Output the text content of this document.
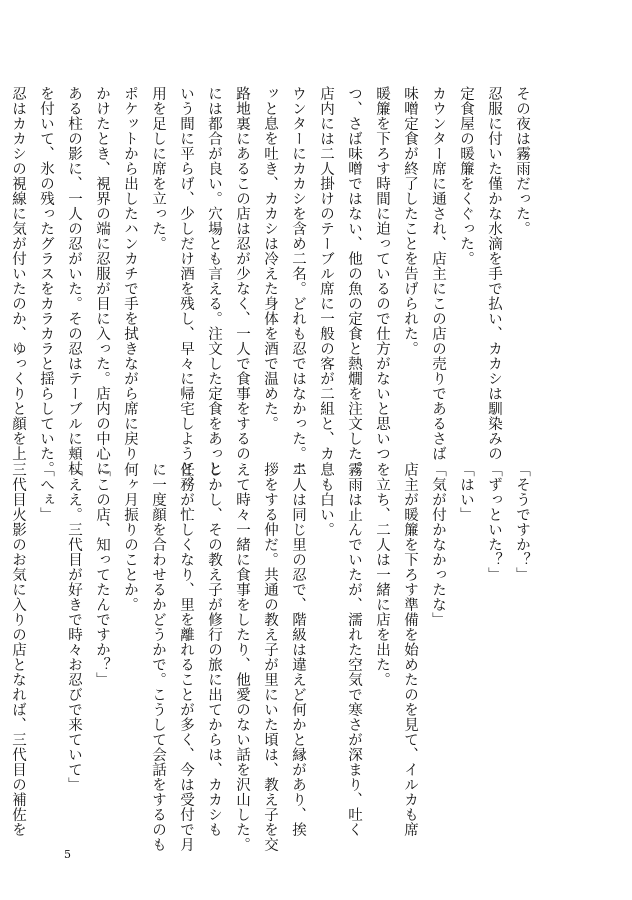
その夜は霧雨だった。

忍服に付いた僅かな水滴を手で払い、カカシは馴染みの

定食屋の暖簾をくぐった。

カウンター席に通され、店主にこの店の売りであるさば

味噌定食が終了したことを告げられた。

暖簾を下ろす時間に迫っているので仕方がないと思いつ

つ、さば味噌ではない、他の魚の定食と熱燗を注文した。

店内には二人掛けのテーブル席に一般の客が二組と、カ

ウンターにカカシを含め二名。どれも忍ではなかった。ホ

ッと息を吐き、カカシは冷えた身体を酒で温めた。

路地裏にあるこの店は忍が少なく、一人で食事をするの

には都合が良い。穴場とも言える。注文した定食をあっと

いう間に平らげ、少しだけ酒を残し、早々に帰宅しようと、

用を足しに席を立った。

ポケットから出したハンカチで手を拭きながら席に戻り

かけたとき、視界の端に忍服が目に入った。店内の中心に

ある柱の影に、一人の忍がいた。その忍はテーブルに頬杖

を付いて、氷の残ったグラスをカラカラと揺らしていた。

忍はカカシの視線に気が付いたのか、ゆっくりと顔を上

「そうですか？」

「ずっといた？」

「はい」

「気が付かなかったな」

店主が暖簾を下ろす準備を始めたのを見て、イルカも席

を立ち、二人は一緒に店を出た。

霧雨は止んでいたが、濡れた空気で寒さが深まり、吐く

息も白い。

二人は同じ里の忍で、階級は違えど何かと縁があり、挨

拶をする仲だ。共通の教え子が里にいた頃は、教え子を交

えて時々一緒に食事をしたり、他愛のない話を沢山した。

しかし、その教え子が修行の旅に出てからは、カカシも

任務が忙しくなり、里を離れることが多く、今は受付で月

に一度顔を合わせるかどうかで。こうして会話をするのも

何ヶ月振りのことか。

「この店、知ってたんですか？」

「ええ。三代目が好きで時々お忍びで来ていて」

「へぇ」

三代目火影のお気に入りの店となれば、三代目の補佐を

5
